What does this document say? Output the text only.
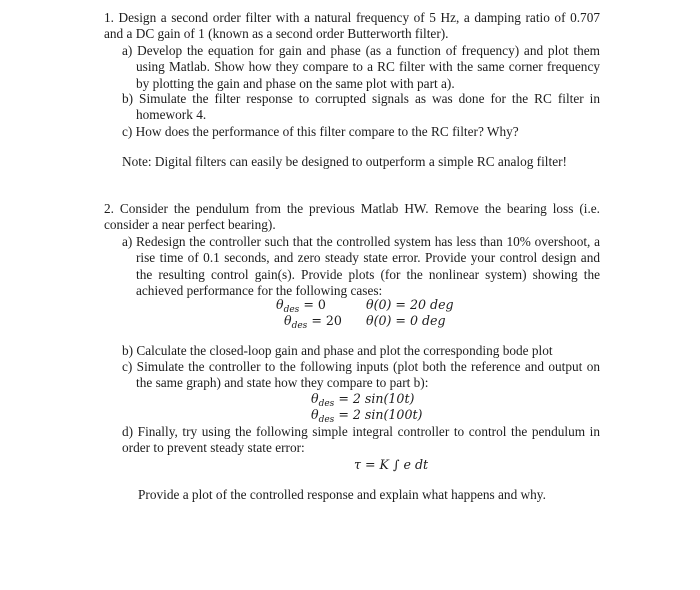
1. Design a second order filter with a natural frequency of 5 Hz, a damping ratio of 0.707 and a DC gain of 1 (known as a second order Butterworth filter).

a) Develop the equation for gain and phase (as a function of frequency) and plot them using Matlab. Show how they compare to a RC filter with the same corner frequency by plotting the gain and phase on the same plot with part a).

b) Simulate the filter response to corrupted signals as was done for the RC filter in homework 4.

c) How does the performance of this filter compare to the RC filter? Why?

Note: Digital filters can easily be designed to outperform a simple RC analog filter!

2. Consider the pendulum from the previous Matlab HW. Remove the bearing loss (i.e. consider a near perfect bearing).

a) Redesign the controller such that the controlled system has less than 10% overshoot, a rise time of 0.1 seconds, and zero steady state error. Provide your control design and the resulting control gain(s). Provide plots (for the nonlinear system) showing the achieved performance for the following cases:

$\theta_{des} = 0$	θ(0) = 20 deg
$\theta_{des} = 20$ θ(0) = 0 deg

b) Calculate the closed-loop gain and phase and plot the corresponding bode plot

c) Simulate the controller to the following inputs (plot both the reference and output on the same graph) and state how they compare to part b):

$\theta_{des} = 2$ sin(10t)
$\theta_{des} = 2$ sin(100t)

d) Finally, try using the following simple integral controller to control the pendulum in order to prevent steady state error:

τ = K ∫ e dt

Provide a plot of the controlled response and explain what happens and why.
